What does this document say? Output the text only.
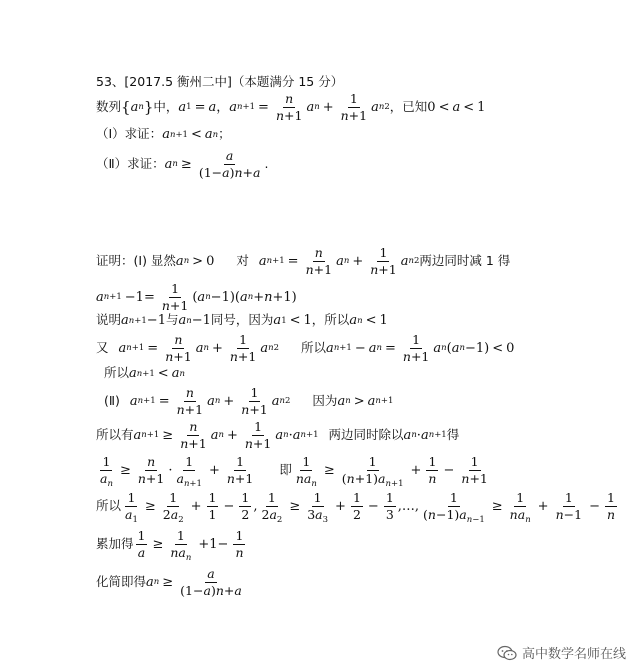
53、[2017.5 衡州二中]（本题满分 15 分）
数列 { a n } 中， a 1 = a ， a $n+1 = \frac{n}{n+1}$ a $n + \frac{1}{n+1}$ a n 2 ，已知 0 < a < 1
（Ⅰ）求证： a n+1 < a n ；
（Ⅱ）求证： a $n \ge \frac{a}{(1-a)n+a}$ .
证明：(Ⅰ) 显然 a n > 0 对 a $n+1 = \frac{n}{n+1}$ a $n + \frac{1}{n+1}$ a n 2 两边同时减 1 得
a $n+1 -1= \frac{1}{n+1}$ ( a n −1)( a n + n +1)
说明 a n+1 −1 与 a n −1 同号，因为 a 1 < 1 ，所以 a n < 1
又 a $n+1 = \frac{n}{n+1}$ a $n + \frac{1}{n+1}$ a n 2 所以 a n+1 − a $n = \frac{1}{n+1}$ a n ( a n −1) < 0
所以 a n+1 < a n
(Ⅱ) a $n+1 = \frac{n}{n+1}$ a $n + \frac{1}{n+1}$ a n 2 因为 a n > a n+1
所以有 a $n+1 \ge \frac{n}{n+1}$ a $n + \frac{1}{n+1}$ a n · a n+1 两边同时除以 a n · a n+1 得
$\frac{1}{a_n} \ge \frac{n}{n+1} \cdot \frac{1}{a_{n+1}} + \frac{1}{n+1}$ 即 $\frac{1}{na_n} \ge \frac{1}{(n+1)a_{n+1}} + \frac{1}{n} - \frac{1}{n+1}$
所以 $\frac{1}{a_1} \ge \frac{1}{2a_2} + \frac{1}{1} - \frac{1}{2}$ , $\frac{1}{2a_2} \ge \frac{1}{3a_3} + \frac{1}{2} - \frac{1}{3}$ ,…, $\frac{1}{(n-1)a_{n-1}} \ge \frac{1}{na_n} + \frac{1}{n-1} - \frac{1}{n}$
累加得 $\frac{1}{a} \ge \frac{1}{na_n} +1- \frac{1}{n}$
化简即得 a $n \ge \frac{a}{(1-a)n+a}$
高中数学名师在线
